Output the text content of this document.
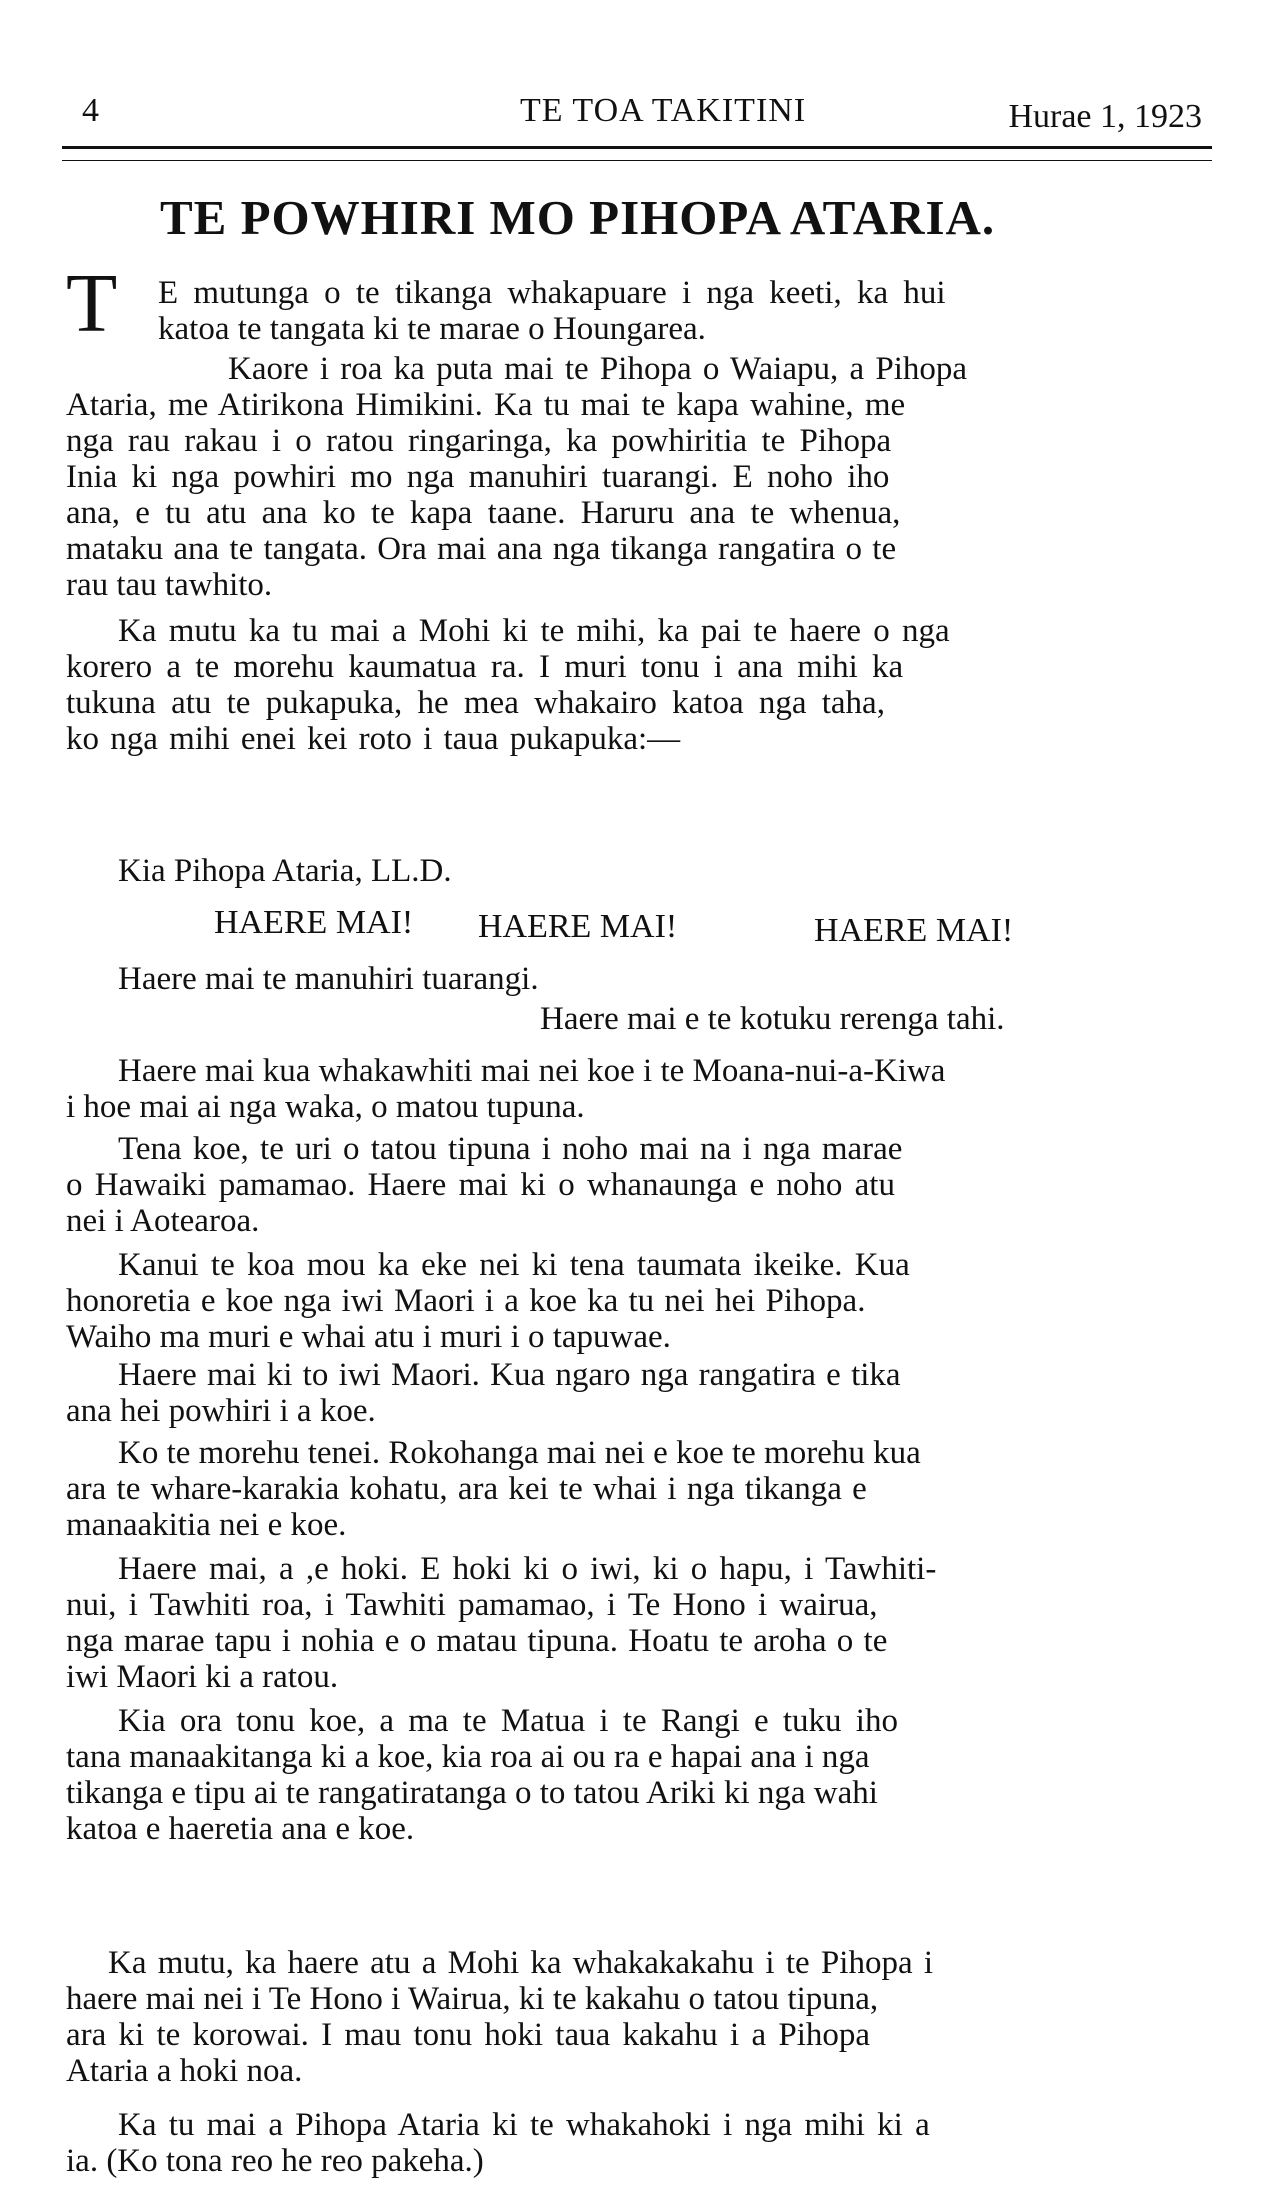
4	TE TOA TAKITINI	Hurae 1, 1923
TE POWHIRI MO PIHOPA ATARIA.
T E mutunga o te tikanga whakapuare i nga keeti, ka hui
katoa te tangata ki te marae o Houngarea.
Kaore i roa ka puta mai te Pihopa o Waiapu, a Pihopa
Ataria, me Atirikona Himikini. Ka tu mai te kapa wahine, me
nga rau rakau i o ratou ringaringa, ka powhiritia te Pihopa
Inia ki nga powhiri mo nga manuhiri tuarangi. E noho iho
ana, e tu atu ana ko te kapa taane. Haruru ana te whenua,
mataku ana te tangata. Ora mai ana nga tikanga rangatira o te
rau tau tawhito.
Ka mutu ka tu mai a Mohi ki te mihi, ka pai te haere o nga
korero a te morehu kaumatua ra. I muri tonu i ana mihi ka
tukuna atu te pukapuka, he mea whakairo katoa nga taha,
ko nga mihi enei kei roto i taua pukapuka:—
Kia Pihopa Ataria, LL.D.
HAERE MAI! HAERE MAI!	HAERE MAI!
Haere mai te manuhiri tuarangi.
Haere mai e te kotuku rerenga tahi.
Haere mai kua whakawhiti mai nei koe i te Moana-nui-a-Kiwa
i hoe mai ai nga waka, o matou tupuna.
Tena koe, te uri o tatou tipuna i noho mai na i nga marae
o Hawaiki pamamao. Haere mai ki o whanaunga e noho atu
nei i Aotearoa.
Kanui te koa mou ka eke nei ki tena taumata ikeike. Kua
honoretia e koe nga iwi Maori i a koe ka tu nei hei Pihopa.
Waiho ma muri e whai atu i muri i o tapuwae.
Haere mai ki to iwi Maori. Kua ngaro nga rangatira e tika
ana hei powhiri i a koe.
Ko te morehu tenei. Rokohanga mai nei e koe te morehu kua
ara te whare-karakia kohatu, ara kei te whai i nga tikanga e
manaakitia nei e koe.
Haere mai, a ,e hoki. E hoki ki o iwi, ki o hapu, i Tawhiti-
nui, i Tawhiti roa, i Tawhiti pamamao, i Te Hono i wairua,
nga marae tapu i nohia e o matau tipuna. Hoatu te aroha o te
iwi Maori ki a ratou.
Kia ora tonu koe, a ma te Matua i te Rangi e tuku iho
tana manaakitanga ki a koe, kia roa ai ou ra e hapai ana i nga
tikanga e tipu ai te rangatiratanga o to tatou Ariki ki nga wahi
katoa e haeretia ana e koe.
Ka mutu, ka haere atu a Mohi ka whakakakahu i te Pihopa i
haere mai nei i Te Hono i Wairua, ki te kakahu o tatou tipuna,
ara ki te korowai. I mau tonu hoki taua kakahu i a Pihopa
Ataria a hoki noa.
Ka tu mai a Pihopa Ataria ki te whakahoki i nga mihi ki a
ia. (Ko tona reo he reo pakeha.)
